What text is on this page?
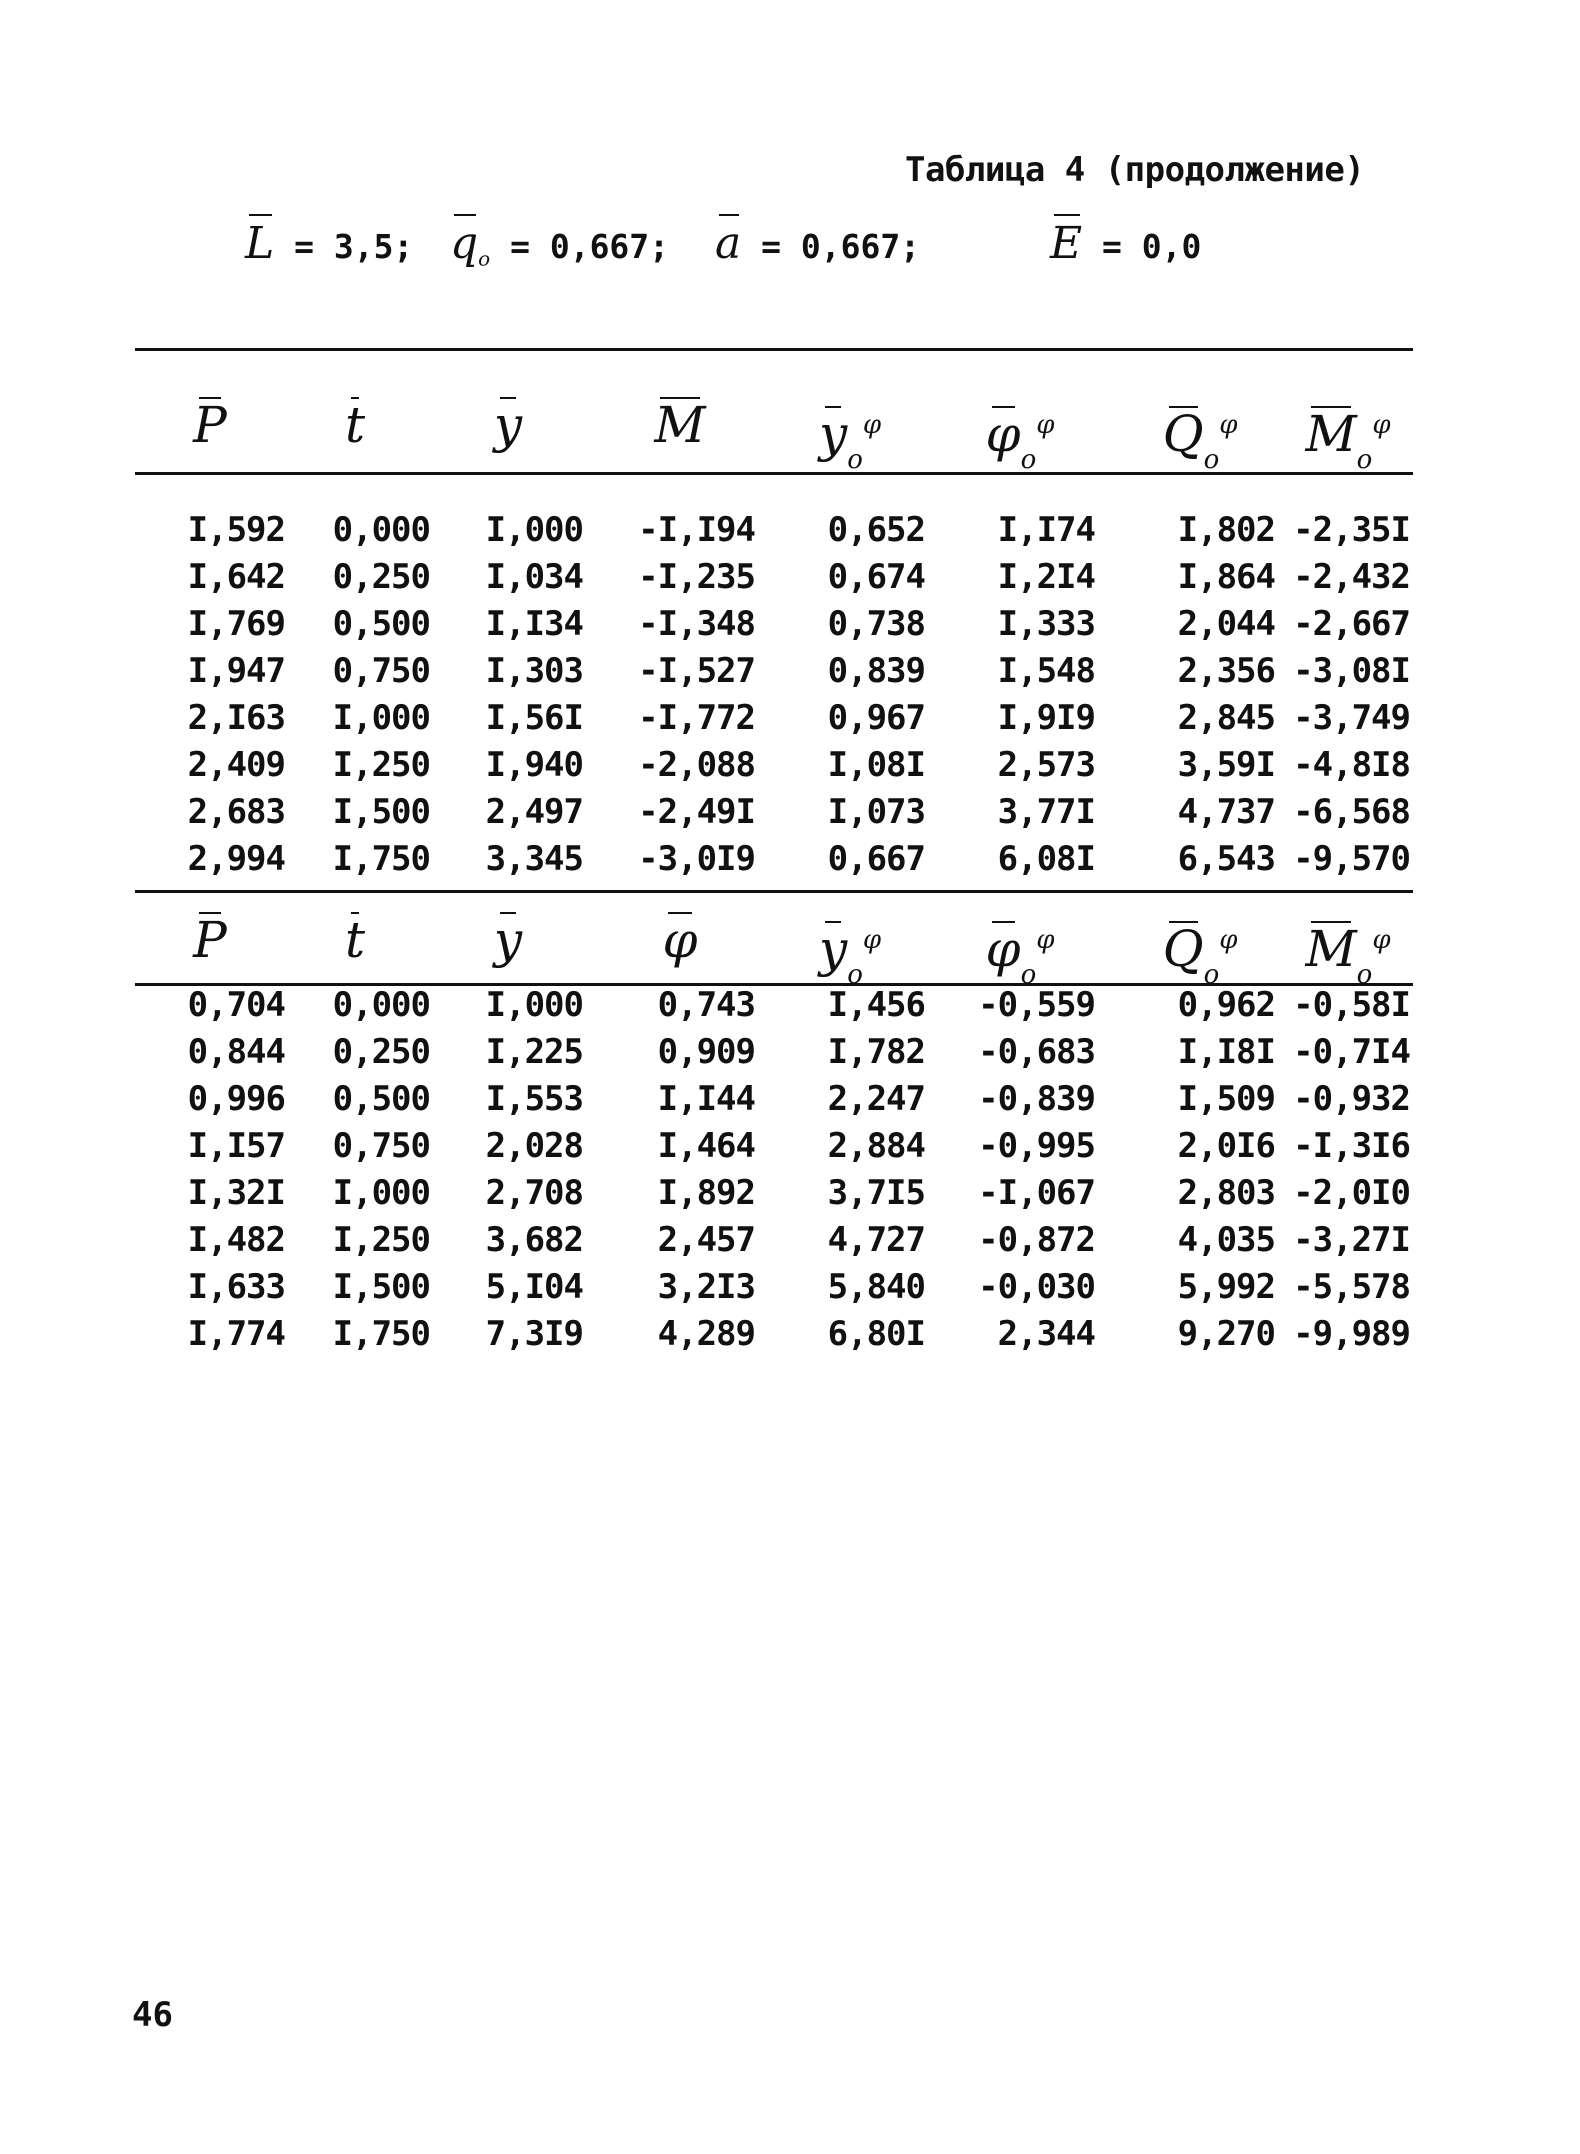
Таблица 4 (продолжение)
L = 3,5; $q_o = 0,667$; a = 0,667;	E = 0,0
P	t	y	M	$y_o^\varphi$	$\varphi_o^\varphi$	$Q_o^\varphi$	$M_o^\varphi$
I,592	0,000	I,000	-I,I94	0,652	I,I74	I,802 -2,35I
I,642	0,250	I,034	-I,235	0,674	I,2I4	I,864 -2,432
I,769	0,500	I,I34	-I,348	0,738	I,333	2,044 -2,667
I,947	0,750	I,303	-I,527	0,839	I,548	2,356 -3,08I
2,I63	I,000	I,56I	-I,772	0,967	I,9I9	2,845 -3,749
2,409	I,250	I,940	-2,088	I,08I	2,573	3,59I -4,8I8
2,683	I,500	2,497	-2,49I	I,073	3,77I	4,737 -6,568
2,994	I,750	3,345	-3,0I9	0,667	6,08I	6,543 -9,570
P	t	y	φ	$y_o^\varphi$	$\varphi_o^\varphi$	$Q_o^\varphi$	$M_o^\varphi$
0,704	0,000	I,000	0,743	I,456	-0,559	0,962 -0,58I
0,844	0,250	I,225	0,909	I,782	-0,683	I,I8I -0,7I4
0,996	0,500	I,553	I,I44	2,247	-0,839	I,509 -0,932
I,I57	0,750	2,028	I,464	2,884	-0,995	2,0I6 -I,3I6
I,32I	I,000	2,708	I,892	3,7I5	-I,067	2,803 -2,0I0
I,482	I,250	3,682	2,457	4,727	-0,872	4,035 -3,27I
I,633	I,500	5,I04	3,2I3	5,840	-0,030	5,992 -5,578
I,774	I,750	7,3I9	4,289	6,80I	2,344	9,270 -9,989
46
